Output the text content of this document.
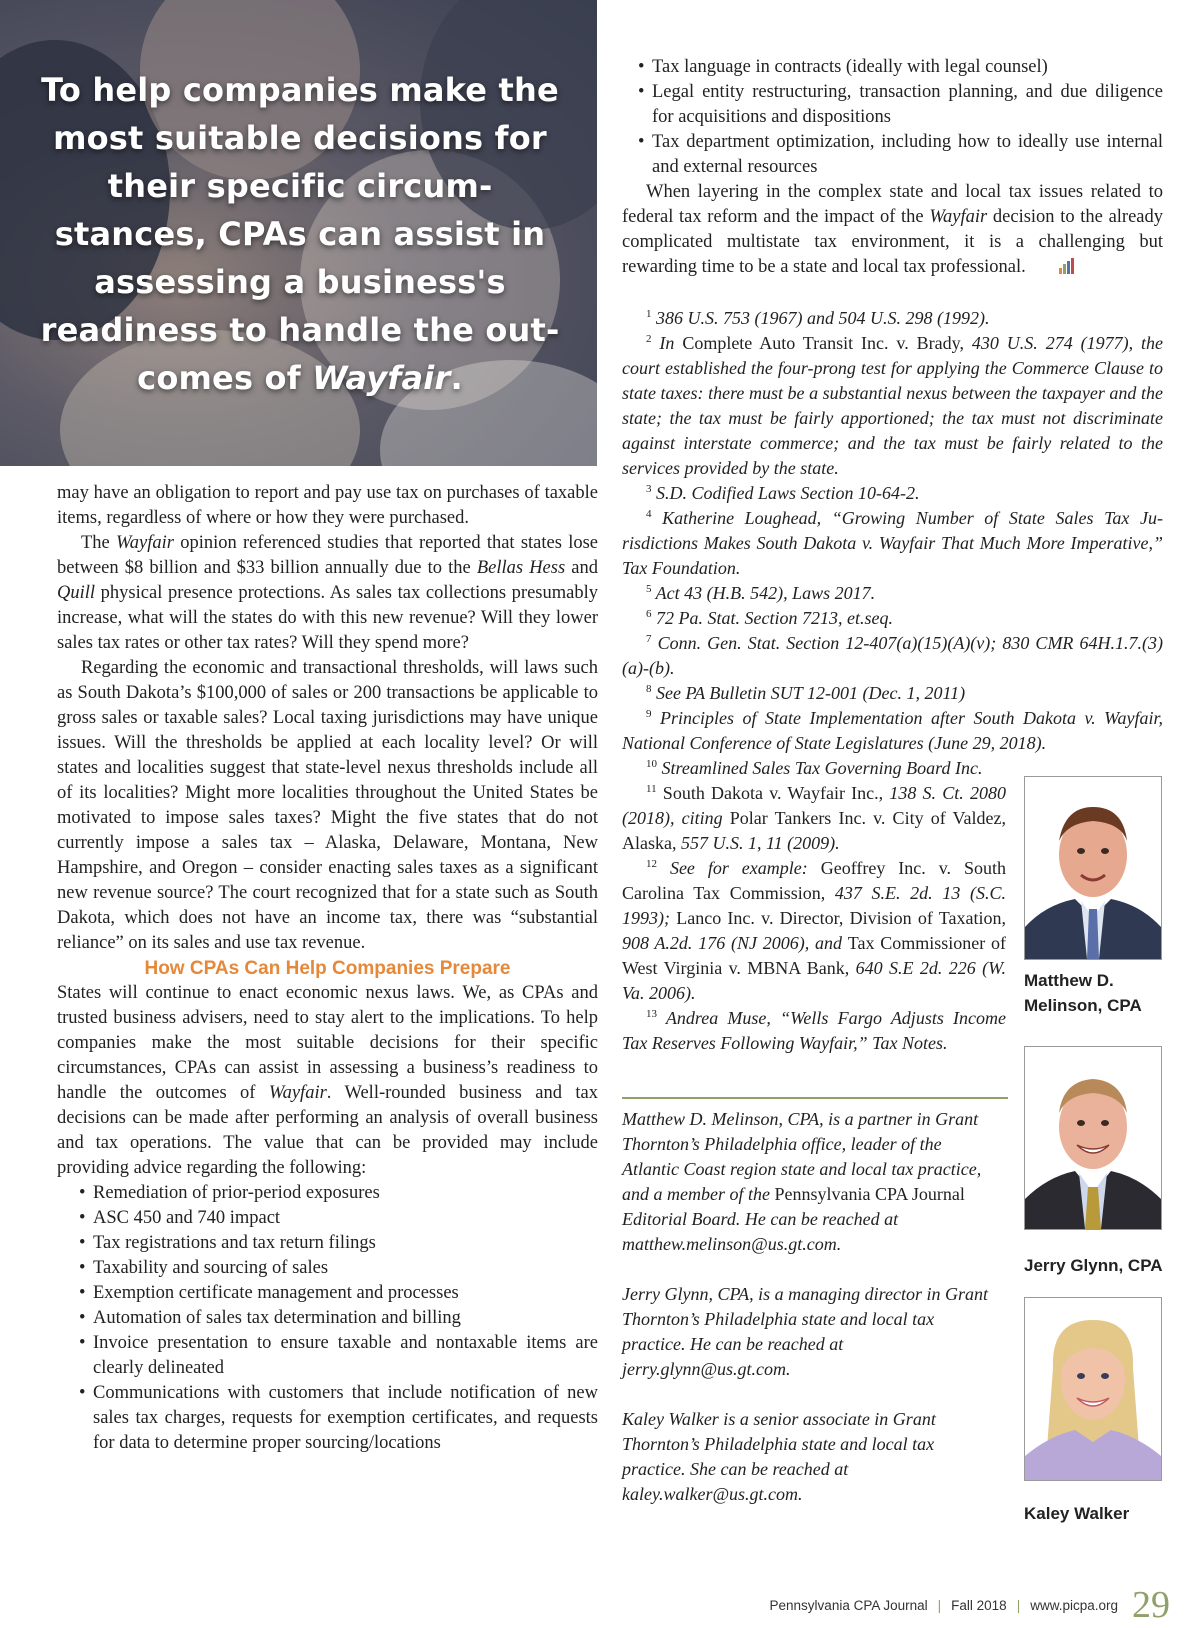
To help companies make the most suitable decisions for their specific circumstances, CPAs can assist in assessing a business's readiness to handle the outcomes of Wayfair.

may have an obligation to report and pay use tax on purchases of taxable items, regardless of where or how they were purchased.

The Wayfair opinion referenced studies that reported that states lose between $8 billion and $33 billion annually due to the Bellas Hess and Quill physical presence protections. As sales tax collections presumably increase, what will the states do with this new revenue? Will they lower sales tax rates or other tax rates? Will they spend more?

Regarding the economic and transactional thresholds, will laws such as South Dakota’s $100,000 of sales or 200 transactions be applicable to gross sales or taxable sales? Local taxing jurisdictions may have unique issues. Will the thresholds be applied at each locality level? Or will states and localities suggest that state-level nexus thresholds include all of its localities? Might more localities throughout the United States be motivated to impose sales taxes? Might the five states that do not currently impose a sales tax – Alaska, Delaware, Montana, New Hampshire, and Oregon – consider enacting sales taxes as a significant new revenue source? The court recognized that for a state such as South Dakota, which does not have an income tax, there was “substantial reliance” on its sales and use tax revenue.

How CPAs Can Help Companies Prepare

States will continue to enact economic nexus laws. We, as CPAs and trusted business advisers, need to stay alert to the implications. To help companies make the most suitable decisions for their specific circumstances, CPAs can assist in assessing a business’s readiness to handle the outcomes of Wayfair. Well-rounded business and tax decisions can be made after performing an analysis of overall business and tax operations. The value that can be provided may include providing advice regarding the following:

• Remediation of prior-period exposures
• ASC 450 and 740 impact
• Tax registrations and tax return filings
• Taxability and sourcing of sales
• Exemption certificate management and processes
• Automation of sales tax determination and billing
• Invoice presentation to ensure taxable and nontaxable items are clearly delineated
• Communications with customers that include notification of new sales tax charges, requests for exemption certificates, and requests for data to determine proper sourcing/locations
• Tax language in contracts (ideally with legal counsel)
• Legal entity restructuring, transaction planning, and due diligence for acquisitions and dispositions
• Tax department optimization, including how to ideally use internal and external resources

When layering in the complex state and local tax issues related to federal tax reform and the impact of the Wayfair decision to the already complicated multistate tax environment, it is a challenging but rewarding time to be a state and local tax professional.

$^1$ 386 U.S. 753 (1967) and 504 U.S. 298 (1992).

$^2$ In Complete Auto Transit Inc. v. Brady, 430 U.S. 274 (1977), the court established the four-prong test for applying the Commerce Clause to state taxes: there must be a substantial nexus between the taxpayer and the state; the tax must be fairly apportioned; the tax must not discriminate against interstate commerce; and the tax must be fairly related to the services provided by the state.

$^3$ S.D. Codified Laws Section 10-64-2.

$^4$ Katherine Loughead, “Growing Number of State Sales Tax Jurisdictions Makes South Dakota v. Wayfair That Much More Imperative,” Tax Foundation.

$^5$ Act 43 (H.B. 542), Laws 2017.

$^6$ 72 Pa. Stat. Section 7213, et.seq.

$^7$ Conn. Gen. Stat. Section 12-407(a)(15)(A)(v); 830 CMR 64H.1.7.(3)(a)-(b).

$^8$ See PA Bulletin SUT 12-001 (Dec. 1, 2011)

$^9$ Principles of State Implementation after South Dakota v. Wayfair, National Conference of State Legislatures (June 29, 2018).

$^{10}$ Streamlined Sales Tax Governing Board Inc.

$^{11}$ South Dakota v. Wayfair Inc., 138 S. Ct. 2080 (2018), citing Polar Tankers Inc. v. City of Valdez, Alaska, 557 U.S. 1, 11 (2009).

$^{12}$ See for example: Geoffrey Inc. v. South Carolina Tax Commission, 437 S.E. 2d. 13 (S.C. 1993); Lanco Inc. v. Director, Division of Taxation, 908 A.2d. 176 (NJ 2006), and Tax Commissioner of West Virginia v. MBNA Bank, 640 S.E 2d. 226 (W. Va. 2006).

$^{13}$ Andrea Muse, “Wells Fargo Adjusts Income Tax Reserves Following Wayfair,” Tax Notes.

Matthew D. Melinson, CPA, is a partner in Grant Thornton’s Philadelphia office, leader of the Atlantic Coast region state and local tax practice, and a member of the Pennsylvania CPA Journal Editorial Board. He can be reached at matthew.melinson@us.gt.com.

Jerry Glynn, CPA, is a managing director in Grant Thornton’s Philadelphia state and local tax practice. He can be reached at jerry.glynn@us.gt.com.

Kaley Walker is a senior associate in Grant Thornton’s Philadelphia state and local tax practice. She can be reached at kaley.walker@us.gt.com.

Matthew D.
Melinson, CPA
Jerry Glynn, CPA
Kaley Walker
Pennsylvania CPA Journal | Fall 2018 | www.picpa.org 29
